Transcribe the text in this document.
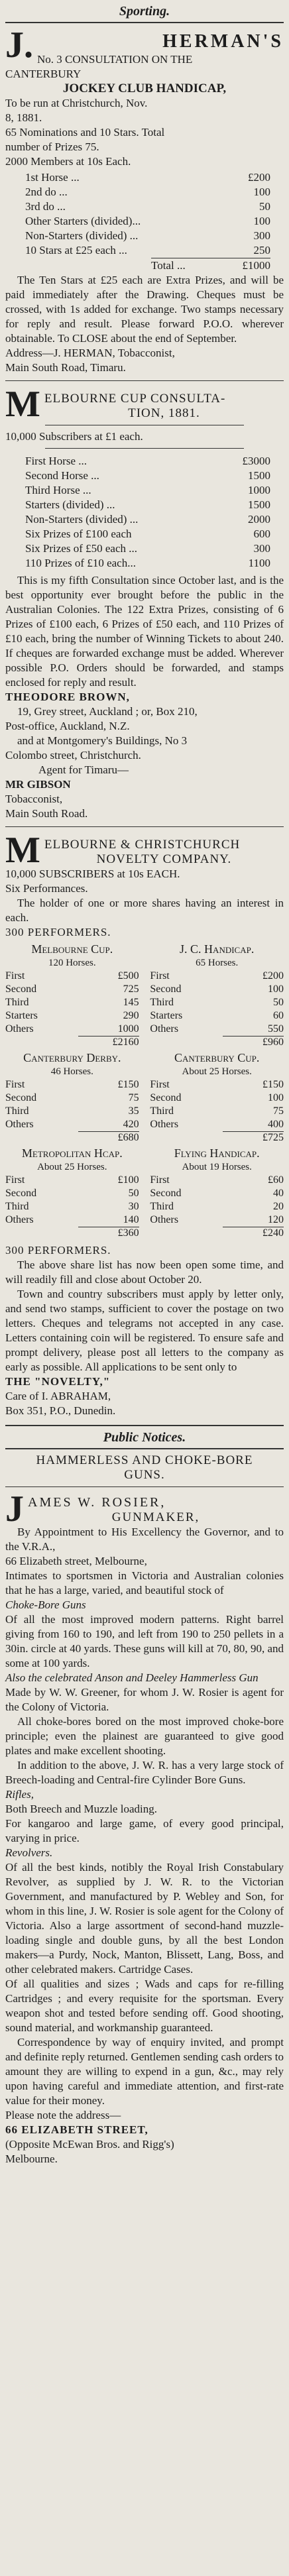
Sporting.
J.	HERMAN'S
No. 3 CONSULTATION ON THE
CANTERBURY
JOCKEY CLUB HANDICAP,
To be run at Christchurch, Nov.
8, 1881.
65 Nominations and 10 Stars. Total
number of Prizes 75.
2000 Members at 10s Each.
1st Horse ...	£200
2nd do ...	100
3rd do ...	50
Other Starters (divided)...	100
Non-Starters (divided) ...	300
10 Stars at £25 each ...	250
Total ...	£1000
The Ten Stars at £25 each are Extra Prizes, and will be paid immediately after the Drawing. Cheques must be crossed, with 1s added for exchange. Two stamps necessary for reply and result. Please forward P.O.O. wherever obtainable. To CLOSE about the end of September.
Address—J. HERMAN, Tobacconist,
Main South Road, Timaru.
M ELBOURNE CUP CONSULTA-
TION, 1881.
10,000 Subscribers at £1 each.
First Horse ...	£3000
Second Horse ...	1500
Third Horse ...	1000
Starters (divided) ...	1500
Non-Starters (divided) ...	2000
Six Prizes of £100 each	600
Six Prizes of £50 each ...	300
110 Prizes of £10 each...	1100
This is my fifth Consultation since October last, and is the best opportunity ever brought before the public in the Australian Colonies. The 122 Extra Prizes, consisting of 6 Prizes of £100 each, 6 Prizes of £50 each, and 110 Prizes of £10 each, bring the number of Winning Tickets to about 240. If cheques are forwarded exchange must be added. Wherever possible P.O. Orders should be forwarded, and stamps enclosed for reply and result.
THEODORE BROWN,
19, Grey street, Auckland ; or, Box 210,
Post-office, Auckland, N.Z.
and at Montgomery's Buildings, No 3
Colombo street, Christchurch.
Agent for Timaru—
MR GIBSON
Tobacconist,
Main South Road.
M ELBOURNE & CHRISTCHURCH
NOVELTY COMPANY.
10,000 SUBSCRIBERS at 10s EACH.
Six Performances.
The holder of one or more shares having an interest in each.
300 PERFORMERS.
Melbourne Cup.
120 Horses.
First	£500
Second	725
Third	145
Starters	290
Others	1000
£2160
J. C. Handicap.
65 Horses.
First	£200
Second	100
Third	50
Starters	60
Others	550
£960
Canterbury Derby.
46 Horses.
First	£150
Second	75
Third	35
Others	420
£680
Canterbury Cup.
About 25 Horses.
First	£150
Second	100
Third	75
Others	400
£725
Metropolitan Hcap.
About 25 Horses.
First	£100
Second	50
Third	30
Others	140
£360
Flying Handicap.
About 19 Horses.
First	£60
Second	40
Third	20
Others	120
£240
300 PERFORMERS.
The above share list has now been open some time, and will readily fill and close about October 20.
Town and country subscribers must apply by letter only, and send two stamps, sufficient to cover the postage on two letters. Cheques and telegrams not accepted in any case. Letters containing coin will be registered. To ensure safe and prompt delivery, please post all letters to the company as early as possible. All applications to be sent only to
THE "NOVELTY,"
Care of I. ABRAHAM,
Box 351, P.O., Dunedin.
Public Notices.
HAMMERLESS AND CHOKE-BORE
GUNS.
J AMES W. ROSIER,
GUNMAKER,
By Appointment to His Excellency the Governor, and to the V.R.A.,
66 Elizabeth street, Melbourne,
Intimates to sportsmen in Victoria and Australian colonies that he has a large, varied, and beautiful stock of
Choke-Bore Guns
Of all the most improved modern patterns. Right barrel giving from 160 to 190, and left from 190 to 250 pellets in a 30in. circle at 40 yards. These guns will kill at 70, 80, 90, and some at 100 yards.
Also the celebrated Anson and Deeley Hammerless Gun
Made by W. W. Greener, for whom J. W. Rosier is agent for the Colony of Victoria.
All choke-bores bored on the most improved choke-bore principle; even the plainest are guaranteed to give good plates and make excellent shooting.
In addition to the above, J. W. R. has a very large stock of Breech-loading and Central-fire Cylinder Bore Guns.
Rifles,
Both Breech and Muzzle loading.
For kangaroo and large game, of every good principal, varying in price.
Revolvers.
Of all the best kinds, notibly the Royal Irish Constabulary Revolver, as supplied by J. W. R. to the Victorian Government, and manufactured by P. Webley and Son, for whom in this line, J. W. Rosier is sole agent for the Colony of Victoria. Also a large assortment of second-hand muzzle-loading single and double guns, by all the best London makers—a Purdy, Nock, Manton, Blissett, Lang, Boss, and other celebrated makers. Cartridge Cases.
Of all qualities and sizes ; Wads and caps for re-filling Cartridges ; and every requisite for the sportsman. Every weapon shot and tested before sending off. Good shooting, sound material, and workmanship guaranteed.
Correspondence by way of enquiry invited, and prompt and definite reply returned. Gentlemen sending cash orders to amount they are willing to expend in a gun, &c., may rely upon having careful and immediate attention, and first-rate value for their money.
Please note the address—
66 ELIZABETH STREET,
(Opposite McEwan Bros. and Rigg's)
Melbourne.
